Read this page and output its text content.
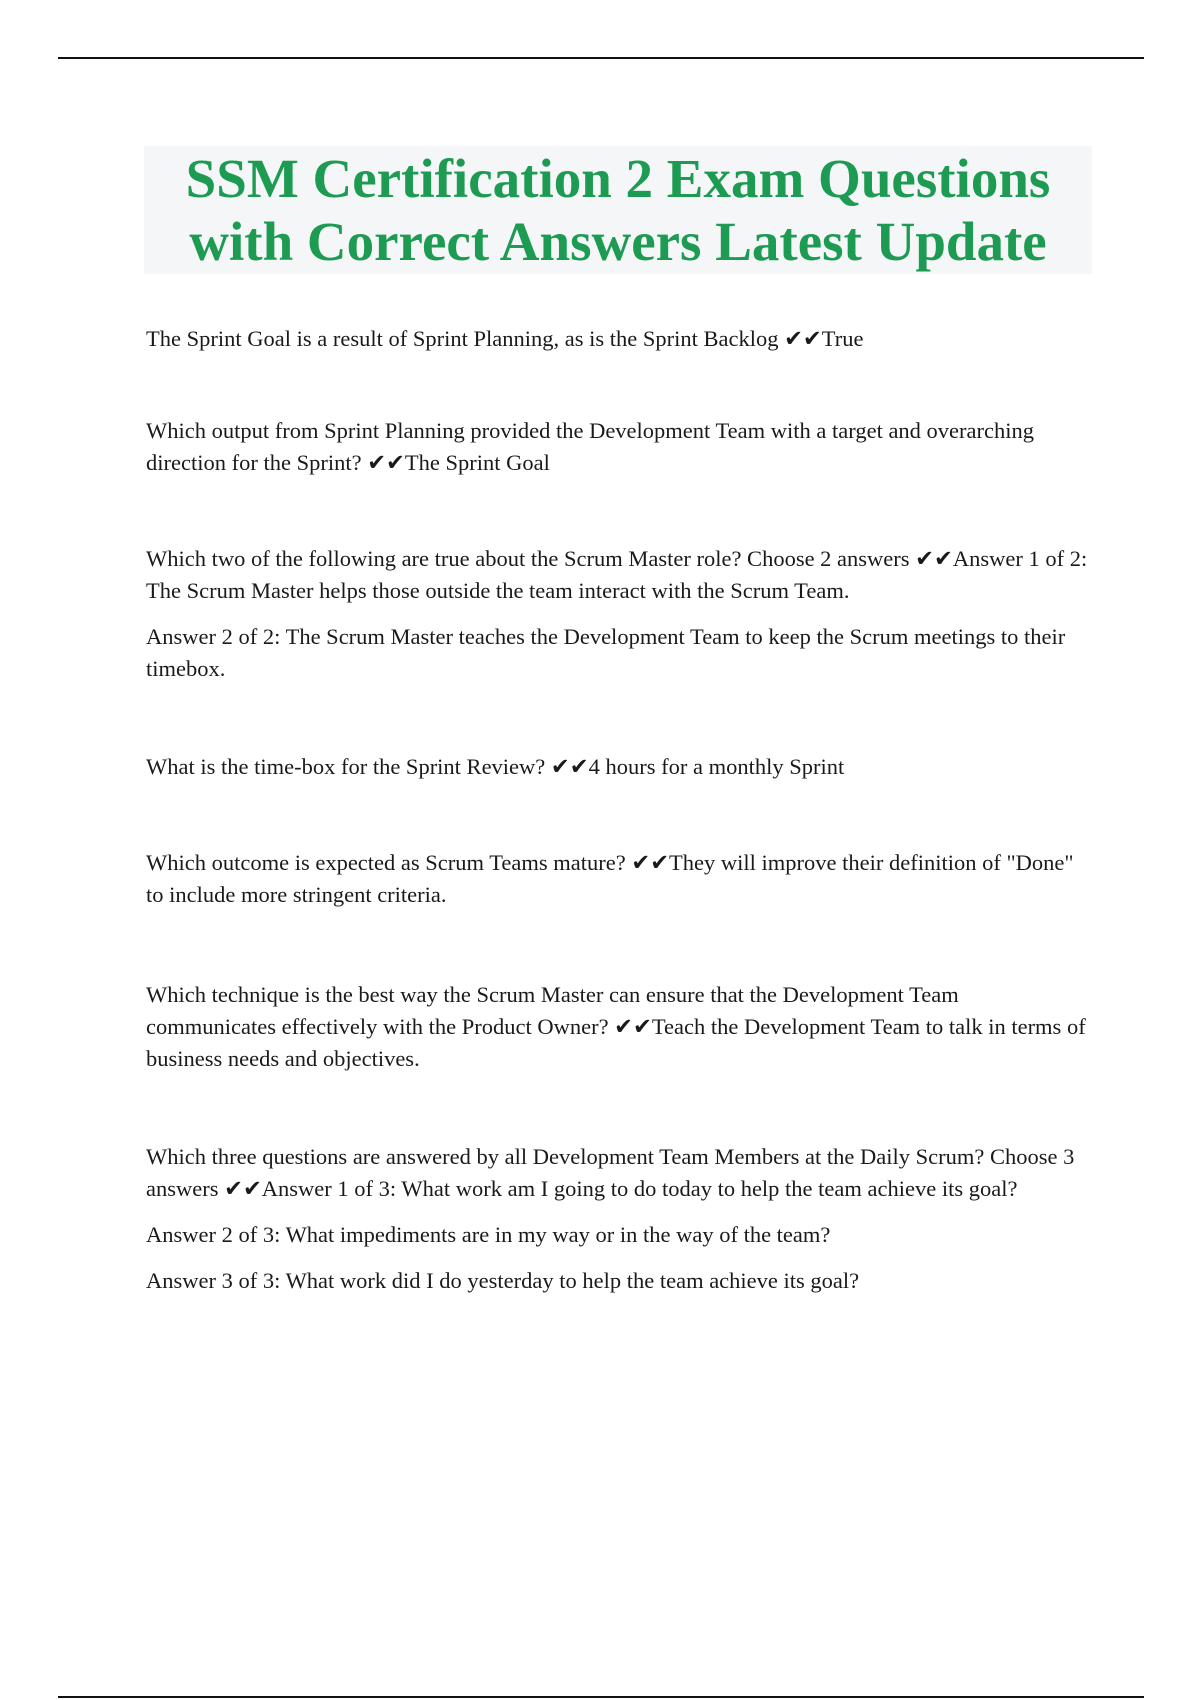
SSM Certification 2 Exam Questions
with Correct Answers Latest Update

The Sprint Goal is a result of Sprint Planning, as is the Sprint Backlog ✔✔True

Which output from Sprint Planning provided the Development Team with a target and overarching direction for the Sprint? ✔✔The Sprint Goal

Which two of the following are true about the Scrum Master role? Choose 2 answers ✔✔Answer 1 of 2: The Scrum Master helps those outside the team interact with the Scrum Team.

Answer 2 of 2: The Scrum Master teaches the Development Team to keep the Scrum meetings to their timebox.

What is the time-box for the Sprint Review? ✔✔4 hours for a monthly Sprint

Which outcome is expected as Scrum Teams mature? ✔✔They will improve their definition of "Done" to include more stringent criteria.

Which technique is the best way the Scrum Master can ensure that the Development Team communicates effectively with the Product Owner? ✔✔Teach the Development Team to talk in terms of business needs and objectives.

Which three questions are answered by all Development Team Members at the Daily Scrum? Choose 3 answers ✔✔Answer 1 of 3: What work am I going to do today to help the team achieve its goal?

Answer 2 of 3: What impediments are in my way or in the way of the team?

Answer 3 of 3: What work did I do yesterday to help the team achieve its goal?
